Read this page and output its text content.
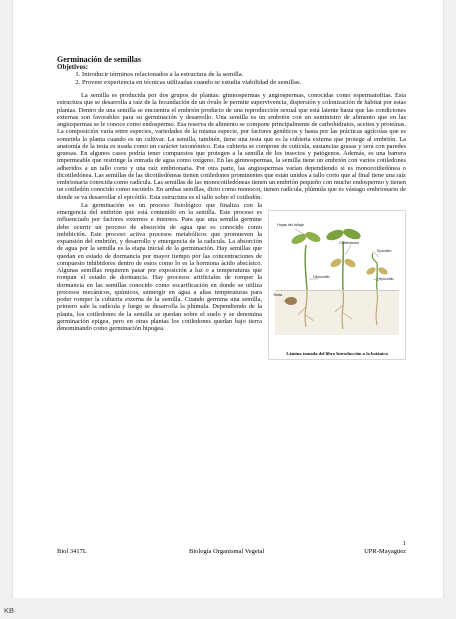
Germinación de semillas
Objetivos:
1. Introducir términos relacionados a la estructura de la semilla.
2. Proveer experiencia en técnicas utilizadas cuando se estudia viabilidad de semillas.

La semilla es producida por dos grupos de plantas: gimnospermas y angiospermas, conocidas como espermatofitas. Esta estructura que se desarrolla a raíz de la fecundación de un óvulo le permite supervivencia, dispersión y colonización de hábitat por estas plantas. Dentro de una semilla se encuentra el embrión producto de una reproducción sexual que está latente hasta que las condiciones externas son favorables para su germinación y desarrollo. Una semilla es un embrión con un suministro de alimento que en las angiospermas se le conoce como endospermo. Esa reserva de alimento se compone principalmente de carbohidratos, aceites y proteínas. La composición varía entre especies, variedades de la misma especie, por factores genéticos y hasta por las prácticas agrícolas que es sometida la planta cuando es un cultivar. La semilla, también, tiene una testa que es la cubierta externa que protege al embrión. La anatomía de la testa es usada como un carácter taxonómico. Esta cubierta se compone de cutícula, sustancias grasas y será con paredes gruesas. En algunos casos podría tener compuestos que protegen a la semilla de los insectos y patógenos. Además, es una barrera impermeable que restringe la entrada de agua como oxígeno. En las gimnospermas, la semilla tiene un embrión con varios cotiledones adheridos a un tallo corto y una raíz embrionaria. Por otra parte, las angiospermas varían dependiendo si es monocotiledónea o dicotiledónea. Las semillas de las dicotiledóneas tienen cotiledones prominentes que están unidos a tallo corto que al final tiene una raíz embrionaria conocida como radícula. Las semillas de las monocotiledóneas tienen un embrión pequeño con mucho endospermo y tienen un cotiledón conocido como escutelo. En ambas semillas, dicto como monocot, tienen radícula, plúmula que es vástago embrionario de donde se va desarrollar el epicótilo. Esta estructura es el tallo sobre el cotiledón.

Hojas del follaje
Cotiledones
Epicótilo
Hipocotilo	Hipocotilo
Testa
Lámina tomada del libro Introducción a la botánica

La germinación es un proceso fisiológico que finaliza con la emergencia del embrión que está contenido en la semilla. Este proceso es influenciado por factores externos e internos. Para que una semilla germine debe ocurrir un proceso de absorción de agua que es conocido como imbibición. Este proceso activa procesos metabólicos que promueven la expansión del embrión, y desarrollo y emergencia de la radícula. La absorción de agua por la semilla es la etapa inicial de la germinación. Hay semillas que quedan en estado de dormancia por mayor tiempo por las concentraciones de compuesto inhibidores dentro de estos como lo es la hormona ácido abscísico. Algunas semillas requieren pasar por exposición a luz o a temperaturas que rompan el estado de dormancia. Hay procesos artificiales de romper la dormancia en las semillas conocido como escarificación en donde se utiliza procesos mecánicos, químicos, sumergir en agua a altas temperaturas para poder romper la cubierta externa de la semilla. Cuando germina una semilla, primero sale la radícula y luego se desarrolla la plúmula. Dependiendo de la planta, los cotiledones de la semilla se quedan sobre el suelo y se denomina germinación epigea, pero en otras plantas los cotiledones quedan bajo tierra denominando como germinación hipogea.

1
Biol 3417L	Biología Organismal Vegetal	UPR-Mayagüez
KB
